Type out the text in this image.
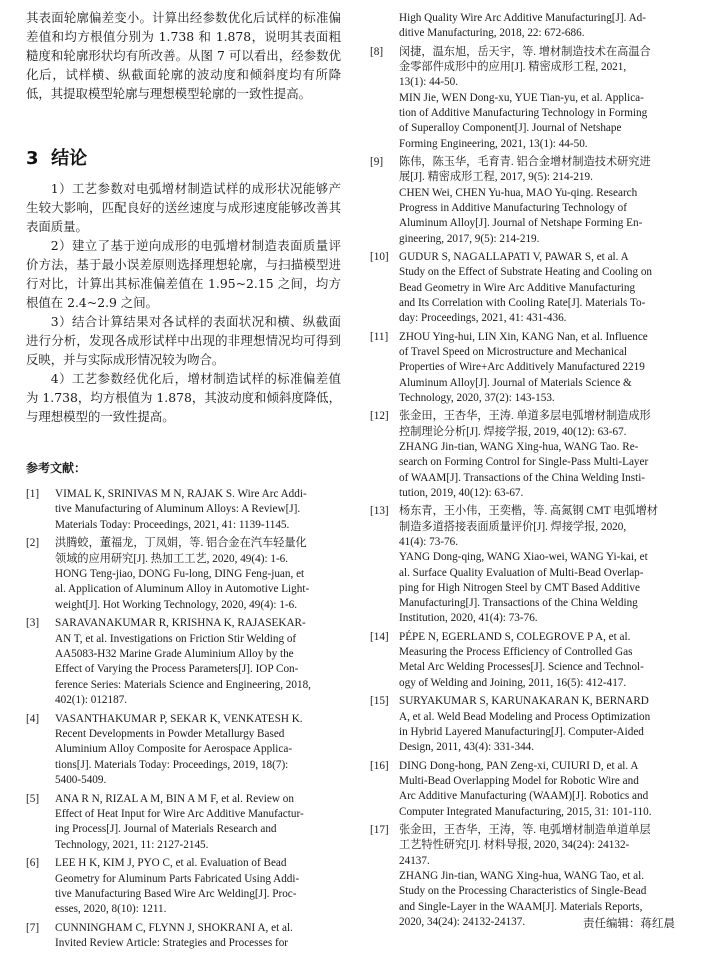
其表面轮廓偏差变小。计算出经参数优化后试样的标准偏差值和均方根值分别为 1.738 和 1.878，说明其表面粗糙度和轮廓形状均有所改善。从图 7 可以看出，经参数优化后，试样横、纵截面轮廓的波动度和倾斜度均有所降低，其提取模型轮廓与理想模型轮廓的一致性提高。

3 结论

1）工艺参数对电弧增材制造试样的成形状况能够产生较大影响，匹配良好的送丝速度与成形速度能够改善其表面质量。

2）建立了基于逆向成形的电弧增材制造表面质量评价方法，基于最小误差原则选择理想轮廓，与扫描模型进行对比，计算出其标准偏差值在 1.95~2.15 之间，均方根值在 2.4~2.9 之间。

3）结合计算结果对各试样的表面状况和横、纵截面进行分析，发现各成形试样中出现的非理想情况均可得到反映，并与实际成形情况较为吻合。

4）工艺参数经优化后，增材制造试样的标准偏差值为 1.738，均方根值为 1.878，其波动度和倾斜度降低，与理想模型的一致性提高。

参考文献：
[1] VIMAL K, SRINIVAS M N, RAJAK S. Wire Arc Addi-
tive Manufacturing of Aluminum Alloys: A Review[J].
Materials Today: Proceedings, 2021, 41: 1139-1145.
[2] 洪腾蛟，董福龙，丁凤娟，等. 铝合金在汽车轻量化
领域的应用研究[J]. 热加工工艺, 2020, 49(4): 1-6.
HONG Teng-jiao, DONG Fu-long, DING Feng-juan, et
al. Application of Aluminum Alloy in Automotive Light-
weight[J]. Hot Working Technology, 2020, 49(4): 1-6.
[3] SARAVANAKUMAR R, KRISHNA K, RAJASEKAR-
AN T, et al. Investigations on Friction Stir Welding of
AA5083-H32 Marine Grade Aluminium Alloy by the
Effect of Varying the Process Parameters[J]. IOP Con-
ference Series: Materials Science and Engineering, 2018,
402(1): 012187.
[4] VASANTHAKUMAR P, SEKAR K, VENKATESH K.
Recent Developments in Powder Metallurgy Based
Aluminium Alloy Composite for Aerospace Applica-
tions[J]. Materials Today: Proceedings, 2019, 18(7):
5400-5409.
[5] ANA R N, RIZAL A M, BIN A M F, et al. Review on
Effect of Heat Input for Wire Arc Additive Manufactur-
ing Process[J]. Journal of Materials Research and
Technology, 2021, 11: 2127-2145.
[6] LEE H K, KIM J, PYO C, et al. Evaluation of Bead
Geometry for Aluminum Parts Fabricated Using Addi-
tive Manufacturing Based Wire Arc Welding[J]. Proc-
esses, 2020, 8(10): 1211.
[7] CUNNINGHAM C, FLYNN J, SHOKRANI A, et al.
Invited Review Article: Strategies and Processes for
High Quality Wire Arc Additive Manufacturing[J]. Ad-
ditive Manufacturing, 2018, 22: 672-686.
[8] 闵捷，温东旭，岳天宇，等. 增材制造技术在高温合
金零部件成形中的应用[J]. 精密成形工程, 2021,
13(1): 44-50.
MIN Jie, WEN Dong-xu, YUE Tian-yu, et al. Applica-
tion of Additive Manufacturing Technology in Forming
of Superalloy Component[J]. Journal of Netshape
Forming Engineering, 2021, 13(1): 44-50.
[9] 陈伟，陈玉华，毛育青. 铝合金增材制造技术研究进
展[J]. 精密成形工程, 2017, 9(5): 214-219.
CHEN Wei, CHEN Yu-hua, MAO Yu-qing. Research
Progress in Additive Manufacturing Technology of
Aluminum Alloy[J]. Journal of Netshape Forming En-
gineering, 2017, 9(5): 214-219.
[10] GUDUR S, NAGALLAPATI V, PAWAR S, et al. A
Study on the Effect of Substrate Heating and Cooling on
Bead Geometry in Wire Arc Additive Manufacturing
and Its Correlation with Cooling Rate[J]. Materials To-
day: Proceedings, 2021, 41: 431-436.
[11] ZHOU Ying-hui, LIN Xin, KANG Nan, et al. Influence
of Travel Speed on Microstructure and Mechanical
Properties of Wire+Arc Additively Manufactured 2219
Aluminum Alloy[J]. Journal of Materials Science &
Technology, 2020, 37(2): 143-153.
[12] 张金田，王杏华，王涛. 单道多层电弧增材制造成形
控制理论分析[J]. 焊接学报, 2019, 40(12): 63-67.
ZHANG Jin-tian, WANG Xing-hua, WANG Tao. Re-
search on Forming Control for Single-Pass Multi-Layer
of WAAM[J]. Transactions of the China Welding Insti-
tution, 2019, 40(12): 63-67.
[13] 杨东青，王小伟，王奕楷，等. 高氮钢 CMT 电弧增材
制造多道搭接表面质量评价[J]. 焊接学报, 2020,
41(4): 73-76.
YANG Dong-qing, WANG Xiao-wei, WANG Yi-kai, et
al. Surface Quality Evaluation of Multi-Bead Overlap-
ping for High Nitrogen Steel by CMT Based Additive
Manufacturing[J]. Transactions of the China Welding
Institution, 2020, 41(4): 73-76.
[14] PÉPE N, EGERLAND S, COLEGROVE P A, et al.
Measuring the Process Efficiency of Controlled Gas
Metal Arc Welding Processes[J]. Science and Technol-
ogy of Welding and Joining, 2011, 16(5): 412-417.
[15] SURYAKUMAR S, KARUNAKARAN K, BERNARD
A, et al. Weld Bead Modeling and Process Optimization
in Hybrid Layered Manufacturing[J]. Computer-Aided
Design, 2011, 43(4): 331-344.
[16] DING Dong-hong, PAN Zeng-xi, CUIURI D, et al. A
Multi-Bead Overlapping Model for Robotic Wire and
Arc Additive Manufacturing (WAAM)[J]. Robotics and
Computer Integrated Manufacturing, 2015, 31: 101-110.
[17] 张金田，王杏华，王涛，等. 电弧增材制造单道单层
工艺特性研究[J]. 材料导报, 2020, 34(24): 24132-
24137.
ZHANG Jin-tian, WANG Xing-hua, WANG Tao, et al.
Study on the Processing Characteristics of Single-Bead
and Single-Layer in the WAAM[J]. Materials Reports,
2020, 34(24): 24132-24137.	责任编辑：蒋红晨
